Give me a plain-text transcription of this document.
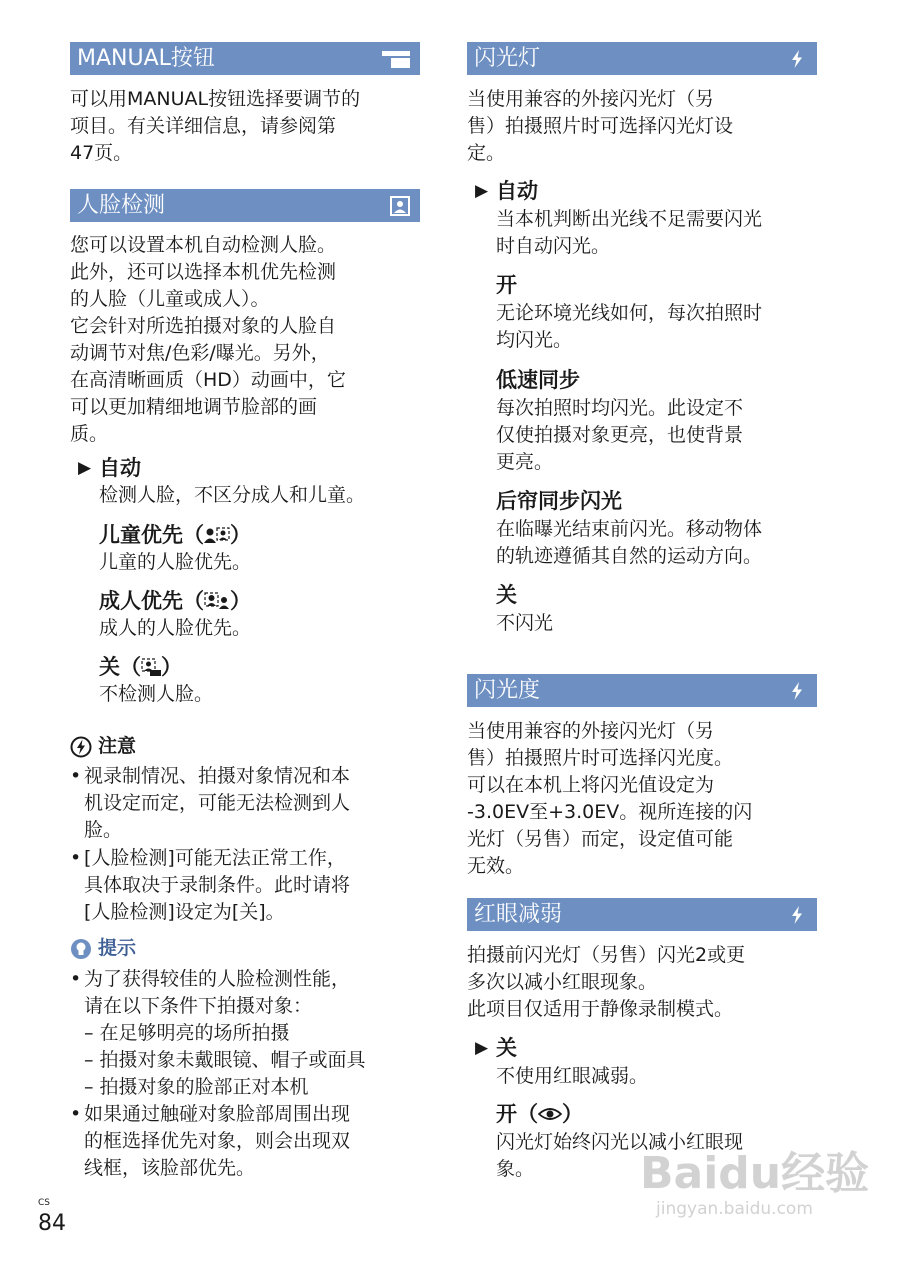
MANUAL按钮
可以用MANUAL按钮选择要调节的
项目。有关详细信息，请参阅第
47页。
人脸检测
您可以设置本机自动检测人脸。
此外，还可以选择本机优先检测
的人脸（儿童或成人）。
它会针对所选拍摄对象的人脸自
动调节对焦/色彩/曝光。另外，
在高清晰画质（HD）动画中，它
可以更加精细地调节脸部的画
质。
▶ 自动
检测人脸，不区分成人和儿童。
儿童优先（ ）
儿童的人脸优先。
成人优先（ ）
成人的人脸优先。
关（ ）
不检测人脸。
注意
• 视录制情况、拍摄对象情况和本
机设定而定，可能无法检测到人
脸。
• [人脸检测]可能无法正常工作，
具体取决于录制条件。此时请将
[人脸检测]设定为[关]。
提示
• 为了获得较佳的人脸检测性能，
请在以下条件下拍摄对象：
– 在足够明亮的场所拍摄
– 拍摄对象未戴眼镜、帽子或面具
– 拍摄对象的脸部正对本机
• 如果通过触碰对象脸部周围出现
的框选择优先对象，则会出现双
线框，该脸部优先。
闪光灯
当使用兼容的外接闪光灯（另
售）拍摄照片时可选择闪光灯设
定。
▶ 自动
当本机判断出光线不足需要闪光
时自动闪光。
开
无论环境光线如何，每次拍照时
均闪光。
低速同步
每次拍照时均闪光。此设定不
仅使拍摄对象更亮，也使背景
更亮。
后帘同步闪光
在临曝光结束前闪光。移动物体
的轨迹遵循其自然的运动方向。
关
不闪光
闪光度
当使用兼容的外接闪光灯（另
售）拍摄照片时可选择闪光度。
可以在本机上将闪光值设定为
-3.0EV至+3.0EV。视所连接的闪
光灯（另售）而定，设定值可能
无效。
红眼减弱
拍摄前闪光灯（另售）闪光2或更
多次以减小红眼现象。
此项目仅适用于静像录制模式。
▶ 关
不使用红眼减弱。
开（ ）
闪光灯始终闪光以减小红眼现
象。
CS
84
Baidu经验
jingyan.baidu.com
